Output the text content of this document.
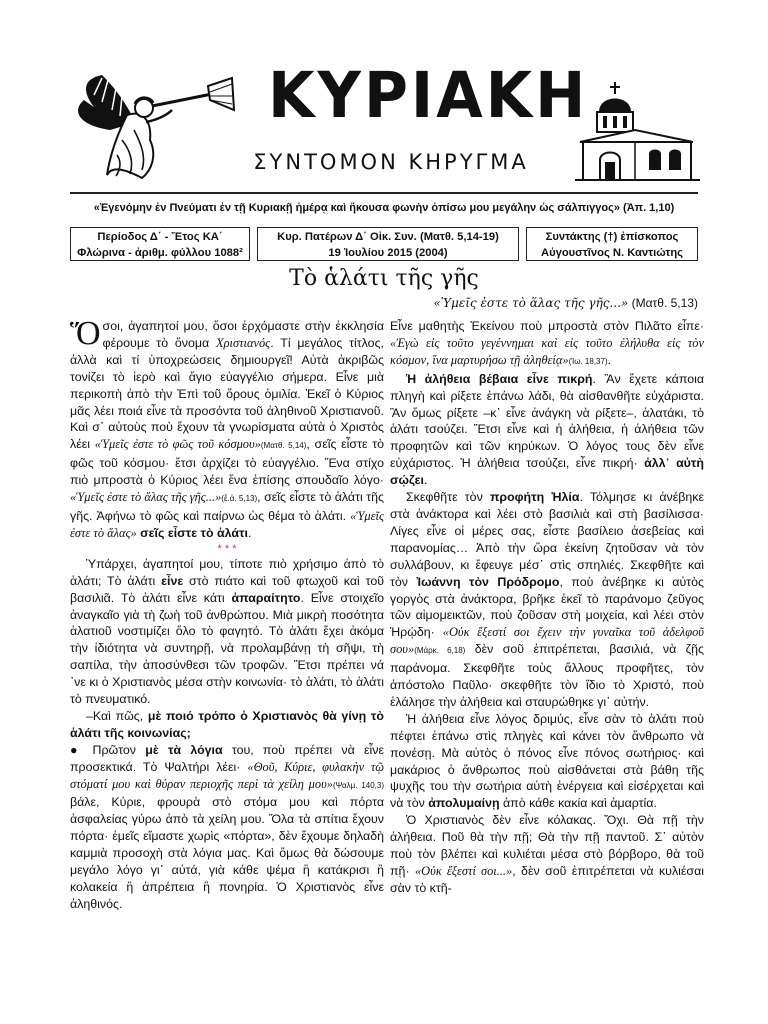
ΚΥΡΙΑΚΗ
ΣΥΝΤΟΜΟΝ ΚΗΡΥΓΜΑ
«Ἐγενόμην ἐν Πνεύματι ἐν τῇ Κυριακῇ ἡμέρᾳ καὶ ἤκουσα φωνὴν ὀπίσω μου μεγάλην ὡς σάλπιγγος» (Ἀπ. 1,10)
Περίοδος Δ΄ - Ἔτος ΚΑ΄
Φλώρινα - ἀριθμ. φύλλου 1088²
Κυρ. Πατέρων Δ΄ Οἰκ. Συν. (Ματθ. 5,14-19)
19 Ἰουλίου 2015 (2004)
Συντάκτης (†) ἐπίσκοπος
Αὐγουστῖνος Ν. Καντιώτης
Τὸ ἁλάτι τῆς γῆς
«Ὑμεῖς ἐστε τὸ ἅλας τῆς γῆς...» (Ματθ. 5,13)

Ὅσοι, ἀγαπητοί μου, ὅσοι ἐρχόμαστε στὴν ἐκκλησία φέρουμε τὸ ὄνομα Χριστιανός. Τί μεγάλος τίτλος, ἀλλὰ καὶ τί ὑποχρεώσεις δημιουργεῖ! Αὐτὰ ἀκριβῶς τονίζει τὸ ἱερὸ καὶ ἅγιο εὐαγγέλιο σήμερα. Εἶνε μιὰ περικοπὴ ἀπὸ τὴν Ἐπὶ τοῦ ὄρους ὁμιλία. Ἐκεῖ ὁ Κύριος μᾶς λέει ποιά εἶνε τὰ προσόντα τοῦ ἀληθινοῦ Χριστιανοῦ. Καὶ σ᾿ αὐτοὺς ποὺ ἔχουν τὰ γνωρίσματα αὐτὰ ὁ Χριστὸς λέει «Ὑμεῖς ἐστε τὸ φῶς τοῦ κόσμου»(Ματθ. 5,14), σεῖς εἶστε τὸ φῶς τοῦ κόσμου· ἔτσι ἀρχίζει τὸ εὐαγγέλιο. Ἕνα στίχο πιὸ μπροστὰ ὁ Κύριος λέει ἕνα ἐπίσης σπουδαῖο λόγο· «Ὑμεῖς ἐστε τὸ ἅλας τῆς γῆς...»(ἔ.ἀ. 5,13), σεῖς εἶστε τὸ ἁλάτι τῆς γῆς. Ἀφήνω τὸ φῶς καὶ παίρνω ὡς θέμα τὸ ἁλάτι. «Ὑμεῖς ἐστε τὸ ἅλας» σεῖς εἶστε τὸ ἁλάτι.

* * *

Ὑπάρχει, ἀγαπητοί μου, τίποτε πιὸ χρήσιμο ἀπὸ τὸ ἁλάτι; Τὸ ἁλάτι εἶνε στὸ πιάτο καὶ τοῦ φτωχοῦ καὶ τοῦ βασιλιᾶ. Τὸ ἁλάτι εἶνε κάτι ἀπαραίτητο. Εἶνε στοιχεῖο ἀναγκαῖο γιὰ τὴ ζωὴ τοῦ ἀνθρώπου. Μιὰ μικρὴ ποσότητα ἁλατιοῦ νοστιμίζει ὅλο τὸ φαγητό. Τὸ ἁλάτι ἔχει ἀκόμα τὴν ἰδιότητα νὰ συντηρῇ, νὰ προλαμβάνῃ τὴ σῆψι, τὴ σαπίλα, τὴν ἀποσύνθεσι τῶν τροφῶν. Ἔτσι πρέπει νά ᾿νε κι ὁ Χριστιανὸς μέσα στὴν κοινωνία· τὸ ἁλάτι, τὸ ἁλάτι τὸ πνευματικό.

–Καὶ πῶς, μὲ ποιό τρόπο ὁ Χριστιανὸς θὰ γίνῃ τὸ ἁλάτι τῆς κοινωνίας;

● Πρῶτον μὲ τὰ λόγια του, ποὺ πρέπει νὰ εἶνε προσεκτικά. Τὸ Ψαλτήρι λέει· «Θοῦ, Κύριε, φυλακὴν τῷ στόματί μου καὶ θύραν περιοχῆς περὶ τὰ χείλη μου»(Ψαλμ. 140,3) βάλε, Κύριε, φρουρὰ στὸ στόμα μου καὶ πόρτα ἀσφαλείας γύρω ἀπὸ τὰ χείλη μου. Ὅλα τὰ σπίτια ἔχουν πόρτα· ἐμεῖς εἴμαστε χωρὶς «πόρτα», δὲν ἔχουμε δηλαδὴ καμμιὰ προσοχὴ στὰ λόγια μας. Καὶ ὅμως θὰ δώσουμε μεγάλο λόγο γι᾿ αὐτά, γιὰ κάθε ψέμα ἢ κατάκρισι ἢ κολακεία ἢ ἀπρέπεια ἢ πονηρία. Ὁ Χριστιανὸς εἶνε ἀληθινός.

Εἶνε μαθητὴς Ἐκείνου ποὺ μπροστὰ στὸν Πιλᾶτο εἶπε· «Ἐγὼ εἰς τοῦτο γεγέννημαι καὶ εἰς τοῦτο ἐλήλυθα εἰς τὸν κόσμον, ἵνα μαρτυρήσω τῇ ἀληθείᾳ»(Ἰω. 18,37).

Ἡ ἀλήθεια βέβαια εἶνε πικρή. Ἂν ἔχετε κάποια πληγὴ καὶ ρίξετε ἐπάνω λάδι, θὰ αἰσθανθῆτε εὐχάριστα. Ἂν ὅμως ρίξετε –κ᾿ εἶνε ἀνάγκη νὰ ρίξετε–, ἁλατάκι, τὸ ἁλάτι τσούζει. Ἔτσι εἶνε καὶ ἡ ἀλήθεια, ἡ ἀλήθεια τῶν προφητῶν καὶ τῶν κηρύκων. Ὁ λόγος τους δὲν εἶνε εὐχάριστος. Ἡ ἀλήθεια τσούζει, εἶνε πικρή· ἀλλ᾿ αὐτὴ σῴζει.

Σκεφθῆτε τὸν προφήτη Ἠλία. Τόλμησε κι ἀνέβηκε στὰ ἀνάκτορα καὶ λέει στὸ βασιλιὰ καὶ στὴ βασίλισσα· Λίγες εἶνε οἱ μέρες σας, εἶστε βασίλειο ἀσεβείας καὶ παρανομίας… Ἀπὸ τὴν ὥρα ἐκείνη ζητοῦσαν νὰ τὸν συλλάβουν, κι ἔφευγε μέσ᾿ στὶς σπηλιές. Σκεφθῆτε καὶ τὸν Ἰωάννη τὸν Πρόδρομο, ποὺ ἀνέβηκε κι αὐτὸς γοργὸς στὰ ἀνάκτορα, βρῆκε ἐκεῖ τὸ παράνομο ζεῦγος τῶν αἱμομεικτῶν, ποὺ ζοῦσαν στὴ μοιχεία, καὶ λέει στὸν Ἡρῴδη· «Οὐκ ἔξεστί σοι ἔχειν τὴν γυναῖκα τοῦ ἀδελφοῦ σου»(Μάρκ. 6,18) δὲν σοῦ ἐπιτρέπεται, βασιλιά, νὰ ζῇς παράνομα. Σκεφθῆτε τοὺς ἄλλους προφῆτες, τὸν ἀπόστολο Παῦλο· σκεφθῆτε τὸν ἴδιο τὸ Χριστό, ποὺ ἐλάλησε τὴν ἀλήθεια καὶ σταυρώθηκε γι᾿ αὐτήν.

Ἡ ἀλήθεια εἶνε λόγος δριμύς, εἶνε σὰν τὸ ἁλάτι ποὺ πέφτει ἐπάνω στὶς πληγὲς καὶ κάνει τὸν ἄνθρωπο νὰ πονέσῃ. Μὰ αὐτὸς ὁ πόνος εἶνε πόνος σωτήριος· καὶ μακάριος ὁ ἄνθρωπος ποὺ αἰσθάνεται στὰ βάθη τῆς ψυχῆς του τὴν σωτήρια αὐτὴ ἐνέργεια καὶ εἰσέρχεται καὶ νὰ τὸν ἀπολυμαίνῃ ἀπὸ κάθε κακία καὶ ἁμαρτία.

Ὁ Χριστιανὸς δὲν εἶνε κόλακας. Ὄχι. Θὰ πῇ τὴν ἀλήθεια. Ποῦ θὰ τὴν πῇ; Θὰ τὴν πῇ παντοῦ. Σ᾿ αὐτὸν ποὺ τὸν βλέπει καὶ κυλιέται μέσα στὸ βόρβορο, θὰ τοῦ πῇ· «Οὐκ ἔξεστί σοι...», δὲν σοῦ ἐπιτρέπεται νὰ κυλιέσαι σὰν τὸ κτῆ-
